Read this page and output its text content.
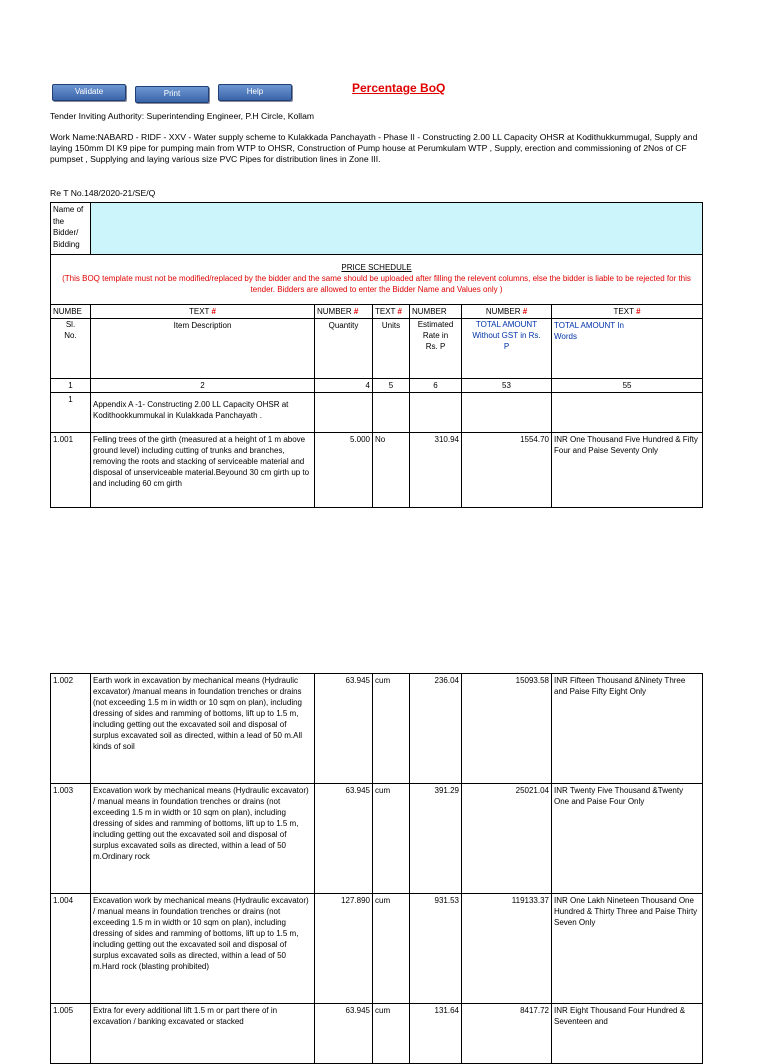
Validate	Print	Help	Percentage BoQ
Tender Inviting Authority: Superintending Engineer, P.H Circle, Kollam
Work Name:NABARD - RIDF - XXV - Water supply scheme to Kulakkada Panchayath - Phase II - Constructing 2.00 LL Capacity OHSR at Kodithukkummugal, Supply and laying 150mm DI K9 pipe for pumping main from WTP to OHSR, Construction of Pump house at Perumkulam WTP , Supply, erection and commissioning of 2Nos of CF pumpset , Supplying and laying various size PVC Pipes for distribution lines in Zone III.
Re T No.148/2020-21/SE/Q
Name of the Bidder/ Bidding						

PRICE SCHEDULE
(This BOQ template must not be modified/replaced by the bidder and the same should be uploaded after filling the relevent columns, else the bidder is liable to be rejected for this tender. Bidders are allowed to enter the Bidder Name and Values only )						

NUMBE	TEXT #	NUMBER #	TEXT #	NUMBER	NUMBER #	TEXT #
Sl. No.	Item Description	Quantity	Units	Estimated Rate in Rs. P	TOTAL AMOUNT Without GST in Rs. P	TOTAL AMOUNT In Words
1	2	4	5	6	53	55
1	Appendix A -1- Constructing 2.00 LL Capacity OHSR at Kodithookkummukal in Kulakkada Panchayath .					
1.001	Felling trees of the girth (measured at a height of 1 m above ground level) including cutting of trunks and branches, removing the roots and stacking of serviceable material and disposal of unserviceable material.Beyound 30 cm girth up to and including 60 cm girth	5.000	No	310.94	1554.70	INR One Thousand Five Hundred & Fifty Four and Paise Seventy Only
1.002	Earth work in excavation by mechanical means (Hydraulic excavator) /manual means in foundation trenches or drains (not exceeding 1.5 m in width or 10 sqm on plan), including dressing of sides and ramming of bottoms, lift up to 1.5 m, including getting out the excavated soil and disposal of surplus excavated soil as directed, within a lead of 50 m.All kinds of soil	63.945	cum	236.04	15093.58	INR Fifteen Thousand &Ninety Three and Paise Fifty Eight Only
1.003	Excavation work by mechanical means (Hydraulic excavator) / manual means in foundation trenches or drains (not exceeding 1.5 m in width or 10 sqm on plan), including dressing of sides and ramming of bottoms, lift up to 1.5 m, including getting out the excavated soil and disposal of surplus excavated soils as directed, within a lead of 50 m.Ordinary rock	63.945	cum	391.29	25021.04	INR Twenty Five Thousand &Twenty One and Paise Four Only
1.004	Excavation work by mechanical means (Hydraulic excavator) / manual means in foundation trenches or drains (not exceeding 1.5 m in width or 10 sqm on plan), including dressing of sides and ramming of bottoms, lift up to 1.5 m, including getting out the excavated soil and disposal of surplus excavated soils as directed, within a lead of 50 m.Hard rock (blasting prohibited)	127.890	cum	931.53	119133.37	INR One Lakh Nineteen Thousand One Hundred & Thirty Three and Paise Thirty Seven Only
1.005	Extra for every additional lift 1.5 m or part there of in excavation / banking excavated or stacked	63.945	cum	131.64	8417.72	INR Eight Thousand Four Hundred & Seventeen and
